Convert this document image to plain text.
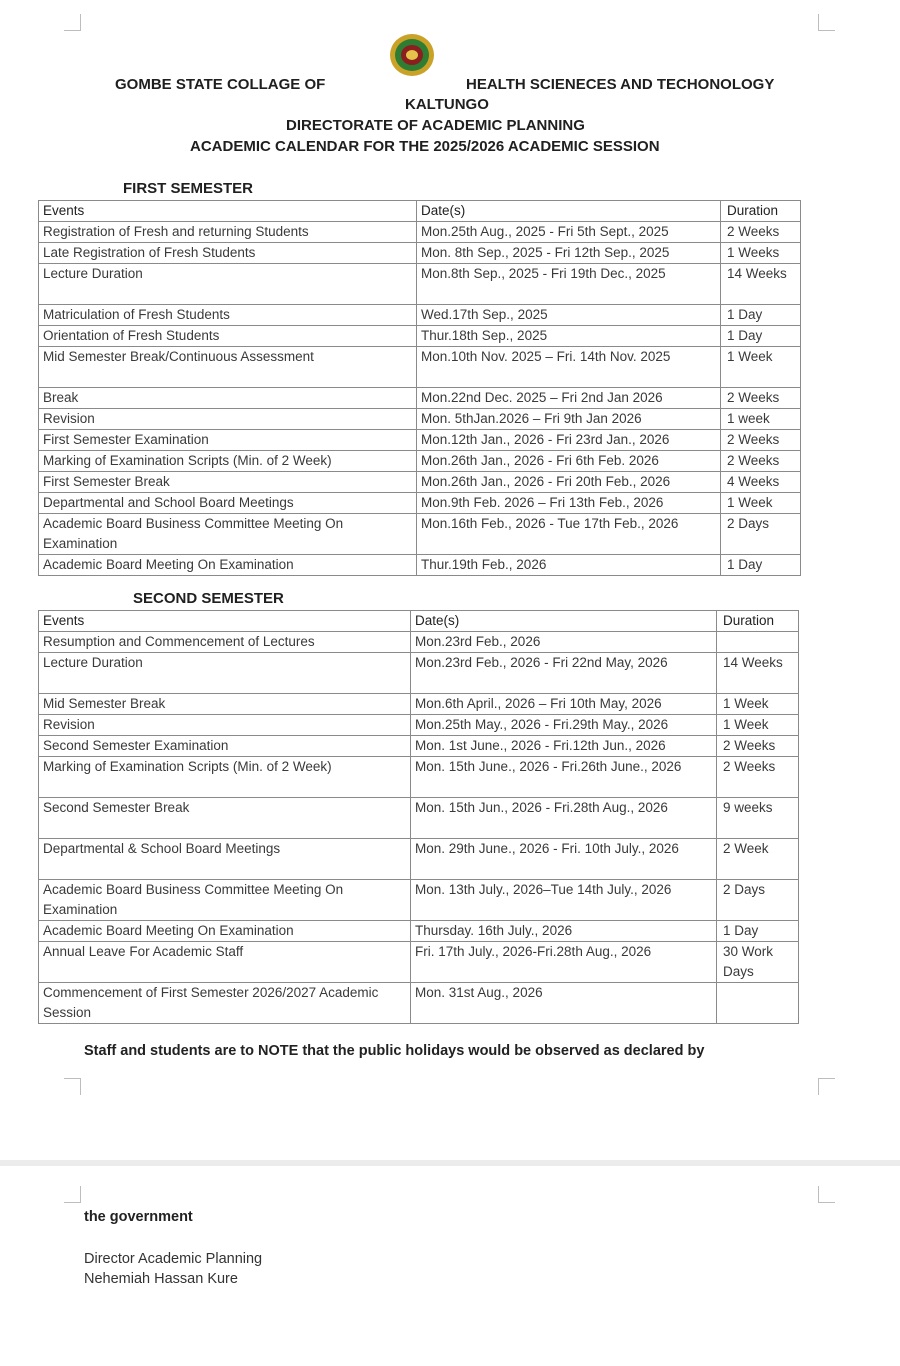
GOMBE STATE COLLAGE OF	HEALTH SCIENECES AND TECHONOLOGY
KALTUNGO
DIRECTORATE OF ACADEMIC PLANNING
ACADEMIC CALENDAR FOR THE 2025/2026 ACADEMIC SESSION
FIRST SEMESTER
Events	Date(s)	Duration
Registration of Fresh and returning Students	Mon.25th Aug., 2025 - Fri 5th Sept., 2025	2 Weeks
Late Registration of Fresh Students	Mon. 8th Sep., 2025 - Fri 12th Sep., 2025	1 Weeks
Lecture Duration	Mon.8th Sep., 2025 - Fri 19th Dec., 2025	14 Weeks
Matriculation of Fresh Students	Wed.17th Sep., 2025	1 Day
Orientation of Fresh Students	Thur.18th Sep., 2025	1 Day
Mid Semester Break/Continuous Assessment	Mon.10th Nov. 2025 – Fri. 14th Nov. 2025	1 Week
Break	Mon.22nd Dec. 2025 – Fri 2nd Jan 2026	2 Weeks
Revision	Mon. 5thJan.2026 – Fri 9th Jan 2026	1 week
First Semester Examination	Mon.12th Jan., 2026 - Fri 23rd Jan., 2026	2 Weeks
Marking of Examination Scripts (Min. of 2 Week)	Mon.26th Jan., 2026 - Fri 6th Feb. 2026	2 Weeks
First Semester Break	Mon.26th Jan., 2026 - Fri 20th Feb., 2026	4 Weeks
Departmental and School Board Meetings	Mon.9th Feb. 2026 – Fri 13th Feb., 2026	1 Week
Academic Board Business Committee Meeting On Examination	Mon.16th Feb., 2026 - Tue 17th Feb., 2026	2 Days
Academic Board Meeting On Examination	Thur.19th Feb., 2026	1 Day
SECOND SEMESTER
Events	Date(s)	Duration
Resumption and Commencement of Lectures	Mon.23rd Feb., 2026	
Lecture Duration	Mon.23rd Feb., 2026 - Fri 22nd May, 2026	14 Weeks
Mid Semester Break	Mon.6th April., 2026 – Fri 10th May, 2026	1 Week
Revision	Mon.25th May., 2026 - Fri.29th May., 2026	1 Week
Second Semester Examination	Mon. 1st June., 2026 - Fri.12th Jun., 2026	2 Weeks
Marking of Examination Scripts (Min. of 2 Week)	Mon. 15th June., 2026 - Fri.26th June., 2026	2 Weeks
Second Semester Break	Mon. 15th Jun., 2026 - Fri.28th Aug., 2026	9 weeks
Departmental & School Board Meetings	Mon. 29th June., 2026 - Fri. 10th July., 2026	2 Week
Academic Board Business Committee Meeting On Examination	Mon. 13th July., 2026–Tue 14th July., 2026	2 Days
Academic Board Meeting On Examination	Thursday. 16th July., 2026	1 Day
Annual Leave For Academic Staff	Fri. 17th July., 2026-Fri.28th Aug., 2026	30 Work Days
Commencement of First Semester 2026/2027 Academic Session	Mon. 31st Aug., 2026	
Staff and students are to NOTE that the public holidays would be observed as declared by
the government
Director Academic Planning
Nehemiah Hassan Kure
